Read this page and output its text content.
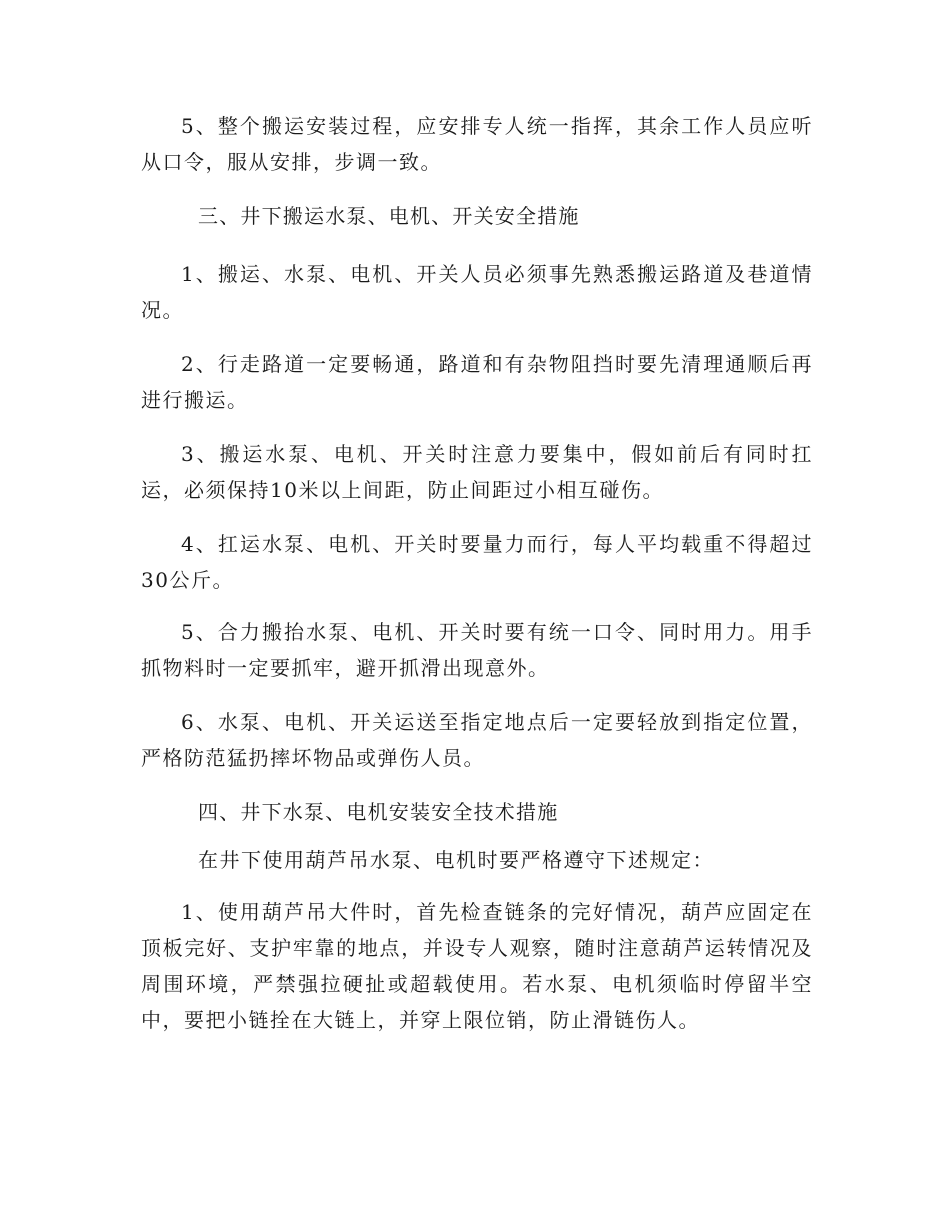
5、整个搬运安装过程，应安排专人统一指挥，其余工作人员应听从口令，服从安排，步调一致。

三、井下搬运水泵、电机、开关安全措施

1、搬运、水泵、电机、开关人员必须事先熟悉搬运路道及巷道情况。

2、行走路道一定要畅通，路道和有杂物阻挡时要先清理通顺后再进行搬运。

3、搬运水泵、电机、开关时注意力要集中，假如前后有同时扛运，必须保持10米以上间距，防止间距过小相互碰伤。

4、扛运水泵、电机、开关时要量力而行，每人平均载重不得超过30公斤。

5、合力搬抬水泵、电机、开关时要有统一口令、同时用力。用手抓物料时一定要抓牢，避开抓滑出现意外。

6、水泵、电机、开关运送至指定地点后一定要轻放到指定位置，严格防范猛扔摔坏物品或弹伤人员。

四、井下水泵、电机安装安全技术措施

在井下使用葫芦吊水泵、电机时要严格遵守下述规定：

1、使用葫芦吊大件时，首先检查链条的完好情况，葫芦应固定在顶板完好、支护牢靠的地点，并设专人观察，随时注意葫芦运转情况及周围环境，严禁强拉硬扯或超载使用。若水泵、电机须临时停留半空中，要把小链拴在大链上，并穿上限位销，防止滑链伤人。
